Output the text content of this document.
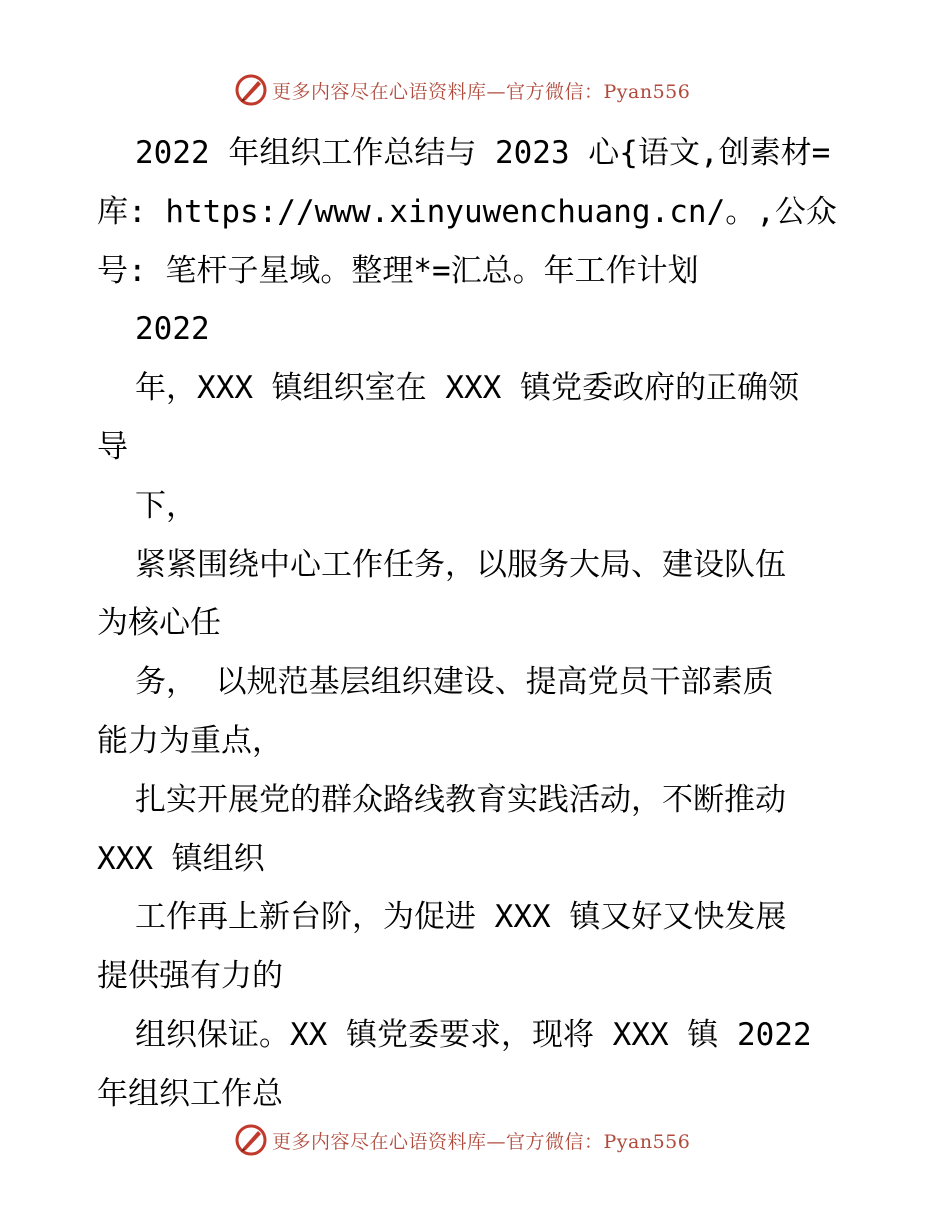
更多内容尽在心语资料库—官方微信：Pyan556
2022 年组织工作总结与 2023 心{语文,创素材=
库: https://www.xinyuwenchuang.cn/。,公众
号: 笔杆子星域。整理*=汇总。年工作计划
2022
年，XXX 镇组织室在 XXX 镇党委政府的正确领
导
下，
紧紧围绕中心工作任务，以服务大局、建设队伍
为核心任
务， 以规范基层组织建设、提高党员干部素质
能力为重点，
扎实开展党的群众路线教育实践活动，不断推动
XXX 镇组织
工作再上新台阶，为促进 XXX 镇又好又快发展
提供强有力的
组织保证。XX 镇党委要求，现将 XXX 镇 2022
年组织工作总
更多内容尽在心语资料库—官方微信：Pyan556
